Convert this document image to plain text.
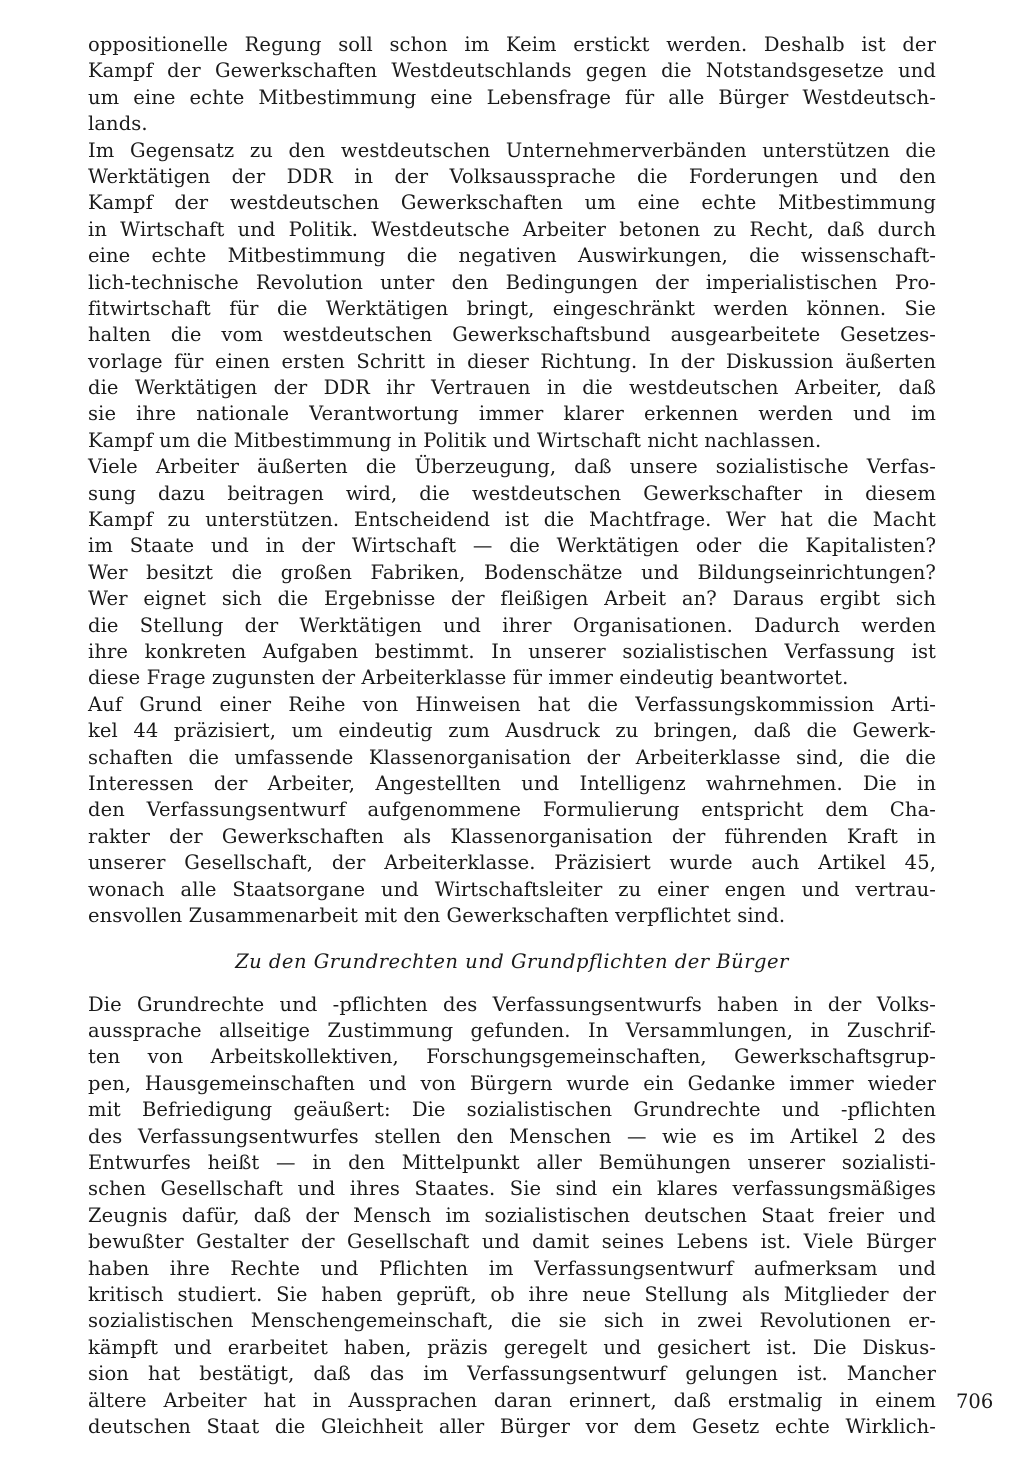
oppositionelle Regung soll schon im Keim erstickt werden. Deshalb ist der
Kampf der Gewerkschaften Westdeutschlands gegen die Notstandsgesetze und
um eine echte Mitbestimmung eine Lebensfrage für alle Bürger Westdeutsch-
lands.
Im Gegensatz zu den westdeutschen Unternehmerverbänden unterstützen die
Werktätigen der DDR in der Volksaussprache die Forderungen und den
Kampf der westdeutschen Gewerkschaften um eine echte Mitbestimmung
in Wirtschaft und Politik. Westdeutsche Arbeiter betonen zu Recht, daß durch
eine echte Mitbestimmung die negativen Auswirkungen, die wissenschaft-
lich-technische Revolution unter den Bedingungen der imperialistischen Pro-
fitwirtschaft für die Werktätigen bringt, eingeschränkt werden können. Sie
halten die vom westdeutschen Gewerkschaftsbund ausgearbeitete Gesetzes-
vorlage für einen ersten Schritt in dieser Richtung. In der Diskussion äußerten
die Werktätigen der DDR ihr Vertrauen in die westdeutschen Arbeiter, daß
sie ihre nationale Verantwortung immer klarer erkennen werden und im
Kampf um die Mitbestimmung in Politik und Wirtschaft nicht nachlassen.
Viele Arbeiter äußerten die Überzeugung, daß unsere sozialistische Verfas-
sung dazu beitragen wird, die westdeutschen Gewerkschafter in diesem
Kampf zu unterstützen. Entscheidend ist die Machtfrage. Wer hat die Macht
im Staate und in der Wirtschaft — die Werktätigen oder die Kapitalisten?
Wer besitzt die großen Fabriken, Bodenschätze und Bildungseinrichtungen?
Wer eignet sich die Ergebnisse der fleißigen Arbeit an? Daraus ergibt sich
die Stellung der Werktätigen und ihrer Organisationen. Dadurch werden
ihre konkreten Aufgaben bestimmt. In unserer sozialistischen Verfassung ist
diese Frage zugunsten der Arbeiterklasse für immer eindeutig beantwortet.
Auf Grund einer Reihe von Hinweisen hat die Verfassungskommission Arti-
kel 44 präzisiert, um eindeutig zum Ausdruck zu bringen, daß die Gewerk-
schaften die umfassende Klassenorganisation der Arbeiterklasse sind, die die
Interessen der Arbeiter, Angestellten und Intelligenz wahrnehmen. Die in
den Verfassungsentwurf aufgenommene Formulierung entspricht dem Cha-
rakter der Gewerkschaften als Klassenorganisation der führenden Kraft in
unserer Gesellschaft, der Arbeiterklasse. Präzisiert wurde auch Artikel 45,
wonach alle Staatsorgane und Wirtschaftsleiter zu einer engen und vertrau-
ensvollen Zusammenarbeit mit den Gewerkschaften verpflichtet sind.
Zu den Grundrechten und Grundpflichten der Bürger
Die Grundrechte und -pflichten des Verfassungsentwurfs haben in der Volks-
aussprache allseitige Zustimmung gefunden. In Versammlungen, in Zuschrif-
ten von Arbeitskollektiven, Forschungsgemeinschaften, Gewerkschaftsgrup-
pen, Hausgemeinschaften und von Bürgern wurde ein Gedanke immer wieder
mit Befriedigung geäußert: Die sozialistischen Grundrechte und -pflichten
des Verfassungsentwurfes stellen den Menschen — wie es im Artikel 2 des
Entwurfes heißt — in den Mittelpunkt aller Bemühungen unserer sozialisti-
schen Gesellschaft und ihres Staates. Sie sind ein klares verfassungsmäßiges
Zeugnis dafür, daß der Mensch im sozialistischen deutschen Staat freier und
bewußter Gestalter der Gesellschaft und damit seines Lebens ist. Viele Bürger
haben ihre Rechte und Pflichten im Verfassungsentwurf aufmerksam und
kritisch studiert. Sie haben geprüft, ob ihre neue Stellung als Mitglieder der
sozialistischen Menschengemeinschaft, die sie sich in zwei Revolutionen er-
kämpft und erarbeitet haben, präzis geregelt und gesichert ist. Die Diskus-
sion hat bestätigt, daß das im Verfassungsentwurf gelungen ist. Mancher
ältere Arbeiter hat in Aussprachen daran erinnert, daß erstmalig in einem
deutschen Staat die Gleichheit aller Bürger vor dem Gesetz echte Wirklich-
706
